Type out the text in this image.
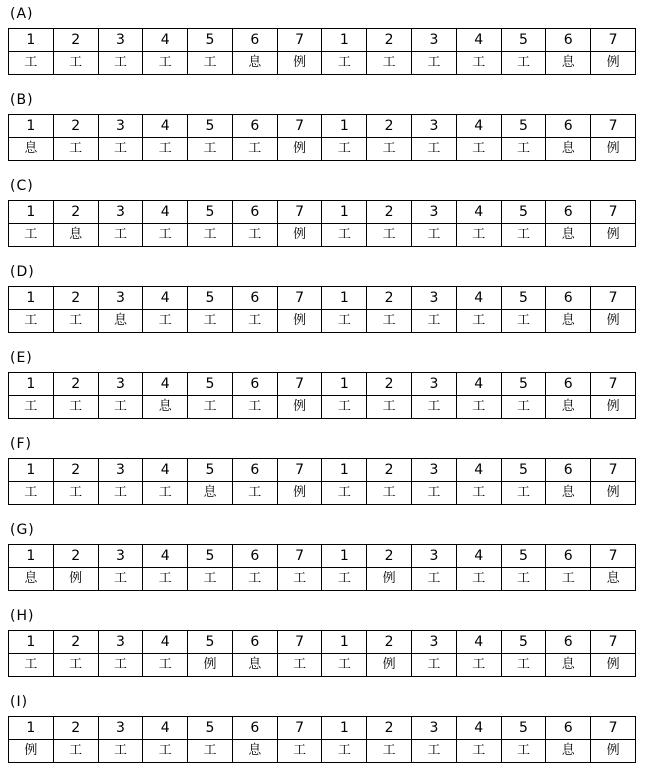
(A)
1	2	3	4	5	6	7	1	2	3	4	5	6	7
工	工	工	工	工	息	例	工	工	工	工	工	息	例
(B)
1	2	3	4	5	6	7	1	2	3	4	5	6	7
息	工	工	工	工	工	例	工	工	工	工	工	息	例
(C)
1	2	3	4	5	6	7	1	2	3	4	5	6	7
工	息	工	工	工	工	例	工	工	工	工	工	息	例
(D)
1	2	3	4	5	6	7	1	2	3	4	5	6	7
工	工	息	工	工	工	例	工	工	工	工	工	息	例
(E)
1	2	3	4	5	6	7	1	2	3	4	5	6	7
工	工	工	息	工	工	例	工	工	工	工	工	息	例
(F)
1	2	3	4	5	6	7	1	2	3	4	5	6	7
工	工	工	工	息	工	例	工	工	工	工	工	息	例
(G)
1	2	3	4	5	6	7	1	2	3	4	5	6	7
息	例	工	工	工	工	工	工	例	工	工	工	工	息
(H)
1	2	3	4	5	6	7	1	2	3	4	5	6	7
工	工	工	工	例	息	工	工	例	工	工	工	息	例
(I)
1	2	3	4	5	6	7	1	2	3	4	5	6	7
例	工	工	工	工	息	工	工	工	工	工	工	息	例
